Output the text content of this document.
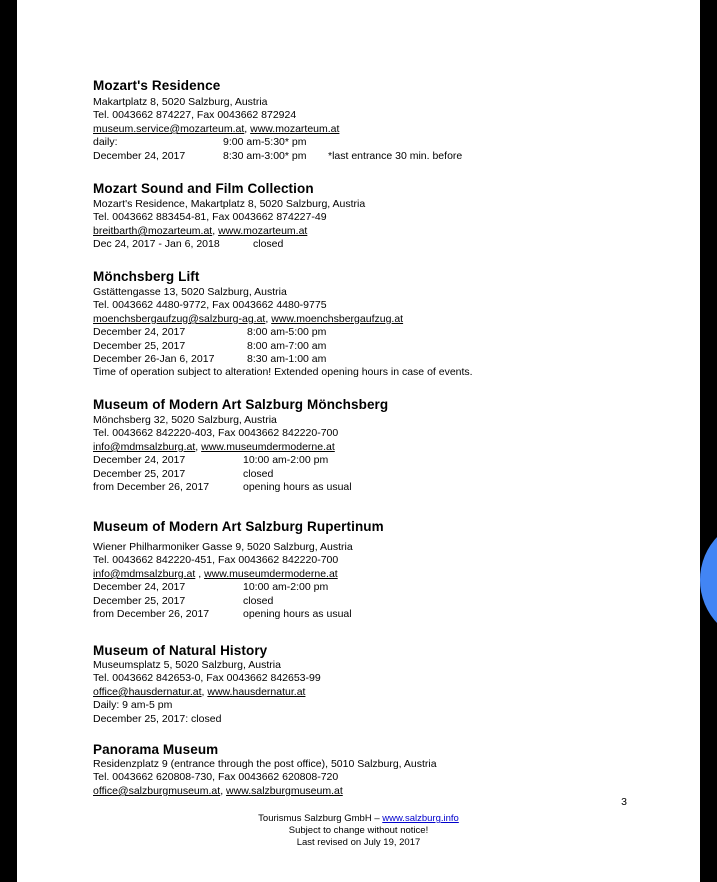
Mozart's Residence
Makartplatz 8, 5020 Salzburg, Austria
Tel. 0043662 874227, Fax 0043662 872924
museum.service@mozarteum.at, www.mozarteum.at
daily:	9:00 am-5:30* pm
December 24, 2017	8:30 am-3:00* pm *last entrance 30 min. before
Mozart Sound and Film Collection
Mozart's Residence, Makartplatz 8, 5020 Salzburg, Austria
Tel. 0043662 883454-81, Fax 0043662 874227-49
breitbarth@mozarteum.at, www.mozarteum.at
Dec 24, 2017 - Jan 6, 2018	closed
Mönchsberg Lift
Gstättengasse 13, 5020 Salzburg, Austria
Tel. 0043662 4480-9772, Fax 0043662 4480-9775
moenchsbergaufzug@salzburg-ag.at, www.moenchsbergaufzug.at
December 24, 2017	8:00 am-5:00 pm
December 25, 2017	8:00 am-7:00 am
December 26-Jan 6, 2017	8:30 am-1:00 am
Time of operation subject to alteration! Extended opening hours in case of events.
Museum of Modern Art Salzburg Mönchsberg
Mönchsberg 32, 5020 Salzburg, Austria
Tel. 0043662 842220-403, Fax 0043662 842220-700
info@mdmsalzburg.at, www.museumdermoderne.at
December 24, 2017	10:00 am-2:00 pm
December 25, 2017	closed
from December 26, 2017	opening hours as usual
Museum of Modern Art Salzburg Rupertinum
Wiener Philharmoniker Gasse 9, 5020 Salzburg, Austria
Tel. 0043662 842220-451, Fax 0043662 842220-700
info@mdmsalzburg.at , www.museumdermoderne.at
December 24, 2017	10:00 am-2:00 pm
December 25, 2017	closed
from December 26, 2017	opening hours as usual
Museum of Natural History
Museumsplatz 5, 5020 Salzburg, Austria
Tel. 0043662 842653-0, Fax 0043662 842653-99
office@hausdernatur.at, www.hausdernatur.at
Daily: 9 am-5 pm
December 25, 2017: closed
Panorama Museum
Residenzplatz 9 (entrance through the post office), 5010 Salzburg, Austria
Tel. 0043662 620808-730, Fax 0043662 620808-720
office@salzburgmuseum.at, www.salzburgmuseum.at
3
Tourismus Salzburg GmbH – www.salzburg.info
Subject to change without notice!
Last revised on July 19, 2017
